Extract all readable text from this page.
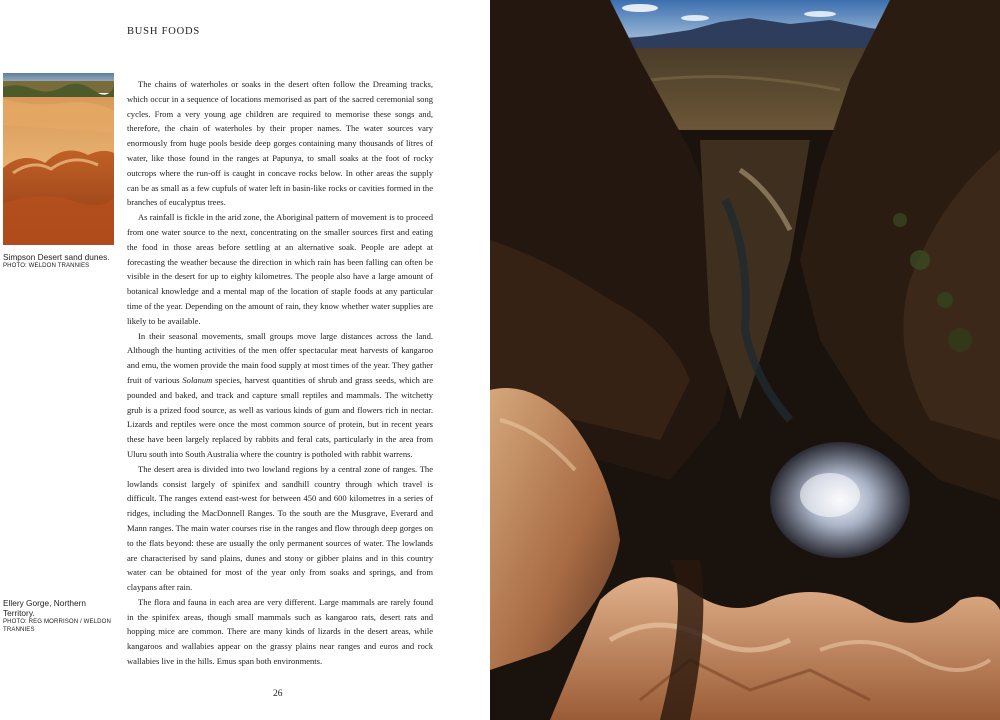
BUSH FOODS
Simpson Desert sand dunes.
PHOTO: WELDON TRANNIES
Ellery Gorge, Northern Territory.
PHOTO: REG MORRISON / WELDON TRANNIES

The chains of waterholes or soaks in the desert often follow the Dreaming tracks, which occur in a sequence of locations memorised as part of the sacred ceremonial song cycles. From a very young age children are required to memorise these songs and, therefore, the chain of waterholes by their proper names. The water sources vary enormously from huge pools beside deep gorges containing many thousands of litres of water, like those found in the ranges at Papunya, to small soaks at the foot of rocky outcrops where the run-off is caught in concave rocks below. In other areas the supply can be as small as a few cupfuls of water left in basin-like rocks or cavities formed in the branches of eucalyptus trees.

As rainfall is fickle in the arid zone, the Aboriginal pattern of movement is to proceed from one water source to the next, concentrating on the smaller sources first and eating the food in those areas before settling at an alternative soak. People are adept at forecasting the weather because the direction in which rain has been falling can often be visible in the desert for up to eighty kilometres. The people also have a large amount of botanical knowledge and a mental map of the location of staple foods at any particular time of the year. Depending on the amount of rain, they know whether water supplies are likely to be available.

In their seasonal movements, small groups move large distances across the land. Although the hunting activities of the men offer spectacular meat harvests of kangaroo and emu, the women provide the main food supply at most times of the year. They gather fruit of various Solanum species, harvest quantities of shrub and grass seeds, which are pounded and baked, and track and capture small reptiles and mammals. The witchetty grub is a prized food source, as well as various kinds of gum and flowers rich in nectar. Lizards and reptiles were once the most common source of protein, but in recent years these have been largely replaced by rabbits and feral cats, particularly in the area from Uluru south into South Australia where the country is potholed with rabbit warrens.

The desert area is divided into two lowland regions by a central zone of ranges. The lowlands consist largely of spinifex and sandhill country through which travel is difficult. The ranges extend east-west for between 450 and 600 kilometres in a series of ridges, including the MacDonnell Ranges. To the south are the Musgrave, Everard and Mann ranges. The main water courses rise in the ranges and flow through deep gorges on to the flats beyond: these are usually the only permanent sources of water. The lowlands are characterised by sand plains, dunes and stony or gibber plains and in this country water can be obtained for most of the year only from soaks and springs, and from claypans after rain.

The flora and fauna in each area are very different. Large mammals are rarely found in the spinifex areas, though small mammals such as kangaroo rats, desert rats and hopping mice are common. There are many kinds of lizards in the desert areas, while kangaroos and wallabies appear on the grassy plains near ranges and euros and rock wallabies live in the hills. Emus span both environments.

26
